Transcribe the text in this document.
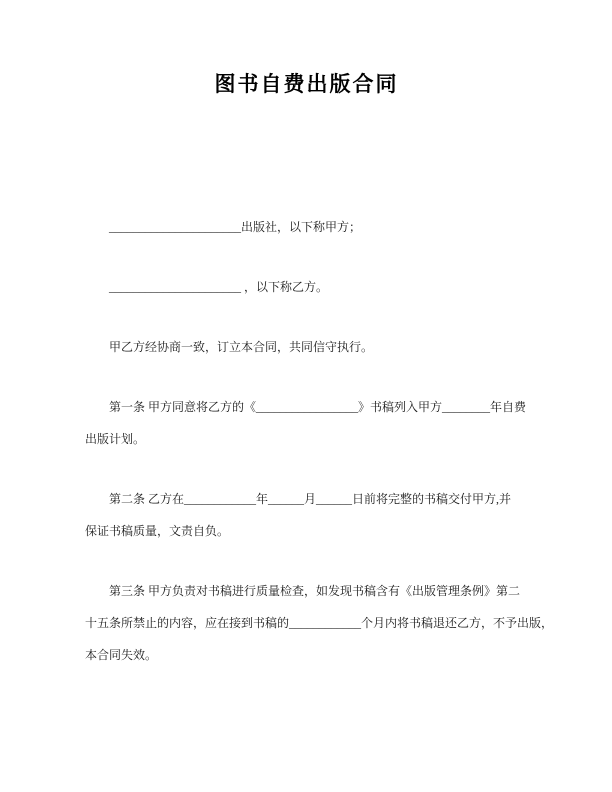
图书自费出版合同

______________________出版社，以下称甲方；

______________________ ，以下称乙方。

甲乙方经协商一致，订立本合同，共同信守执行。

第一条 甲方同意将乙方的《_________________》书稿列入甲方________年自费
出版计划。

第二条 乙方在____________年______月______日前将完整的书稿交付甲方,并
保证书稿质量，文责自负。

第三条 甲方负责对书稿进行质量检查，如发现书稿含有《出版管理条例》第二
十五条所禁止的内容，应在接到书稿的____________个月内将书稿退还乙方，不予出版，
本合同失效。
